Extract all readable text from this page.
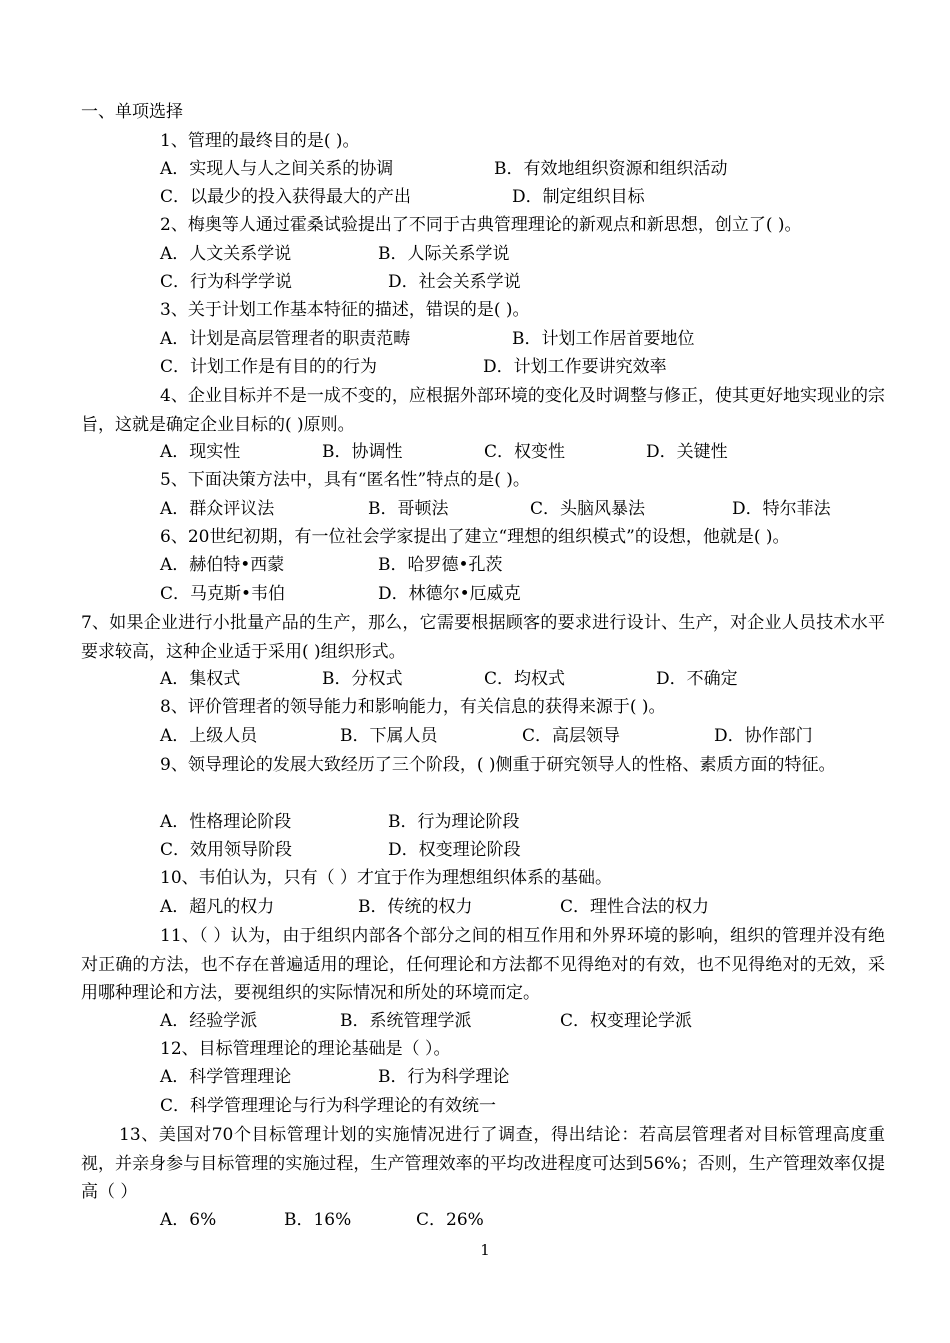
一、单项选择
1、管理的最终目的是( )。

A．实现人与人之间关系的协调

	B．有效地组织资源和组织活动

C．以最少的投入获得最大的产出

	D．制定组织目标

2、梅奥等人通过霍桑试验提出了不同于古典管理理论的新观点和新思想，创立了( )。

A．人文关系学说

	B．人际关系学说

C．行为科学学说

	D．社会关系学说

3、关于计划工作基本特征的描述，错误的是( )。

A．计划是高层管理者的职责范畴

	B．计划工作居首要地位

C．计划工作是有目的的行为

	D．计划工作要讲究效率

4、企业目标并不是一成不变的，应根据外部环境的变化及时调整与修正，使其更好地实现业的宗旨，这就是确定企业目标的( )原则。

A．现实性

	B．协调性

	C．权变性

	D．关键性

5、下面决策方法中，具有“匿名性”特点的是( )。

A．群众评议法

	B．哥顿法

	C．头脑风暴法

	D．特尔菲法

6、20世纪初期，有一位社会学家提出了建立“理想的组织模式”的设想，他就是( )。

A．赫伯特•西蒙

	B．哈罗德•孔茨

C．马克斯•韦伯

	D．林德尔•厄威克

7、如果企业进行小批量产品的生产，那么，它需要根据顾客的要求进行设计、生产，对企业人员技术水平要求较高，这种企业适于采用( )组织形式。

A．集权式

	B．分权式

	C．均权式

	D．不确定

8、评价管理者的领导能力和影响能力，有关信息的获得来源于( )。

A．上级人员

	B．下属人员

	C．高层领导

	D．协作部门

9、领导理论的发展大致经历了三个阶段，( )侧重于研究领导人的性格、素质方面的特征。

A．性格理论阶段

	B．行为理论阶段

C．效用领导阶段

	D．权变理论阶段

10、韦伯认为，只有（ ）才宜于作为理想组织体系的基础。

A．超凡的权力

	B．传统的权力

	C．理性合法的权力

11、（ ）认为，由于组织内部各个部分之间的相互作用和外界环境的影响，组织的管理并没有绝对正确的方法，也不存在普遍适用的理论，任何理论和方法都不见得绝对的有效，也不见得绝对的无效，采用哪种理论和方法，要视组织的实际情况和所处的环境而定。

A．经验学派

	B．系统管理学派

	C．权变理论学派

12、目标管理理论的理论基础是（ ）。

A．科学管理理论

	B．行为科学理论

C．科学管理理论与行为科学理论的有效统一

13、美国对70个目标管理计划的实施情况进行了调查，得出结论：若高层管理者对目标管理高度重视，并亲身参与目标管理的实施过程，生产管理效率的平均改进程度可达到56%；否则，生产管理效率仅提高（ ）

A．6%

	B．16%

	C．26%

1
